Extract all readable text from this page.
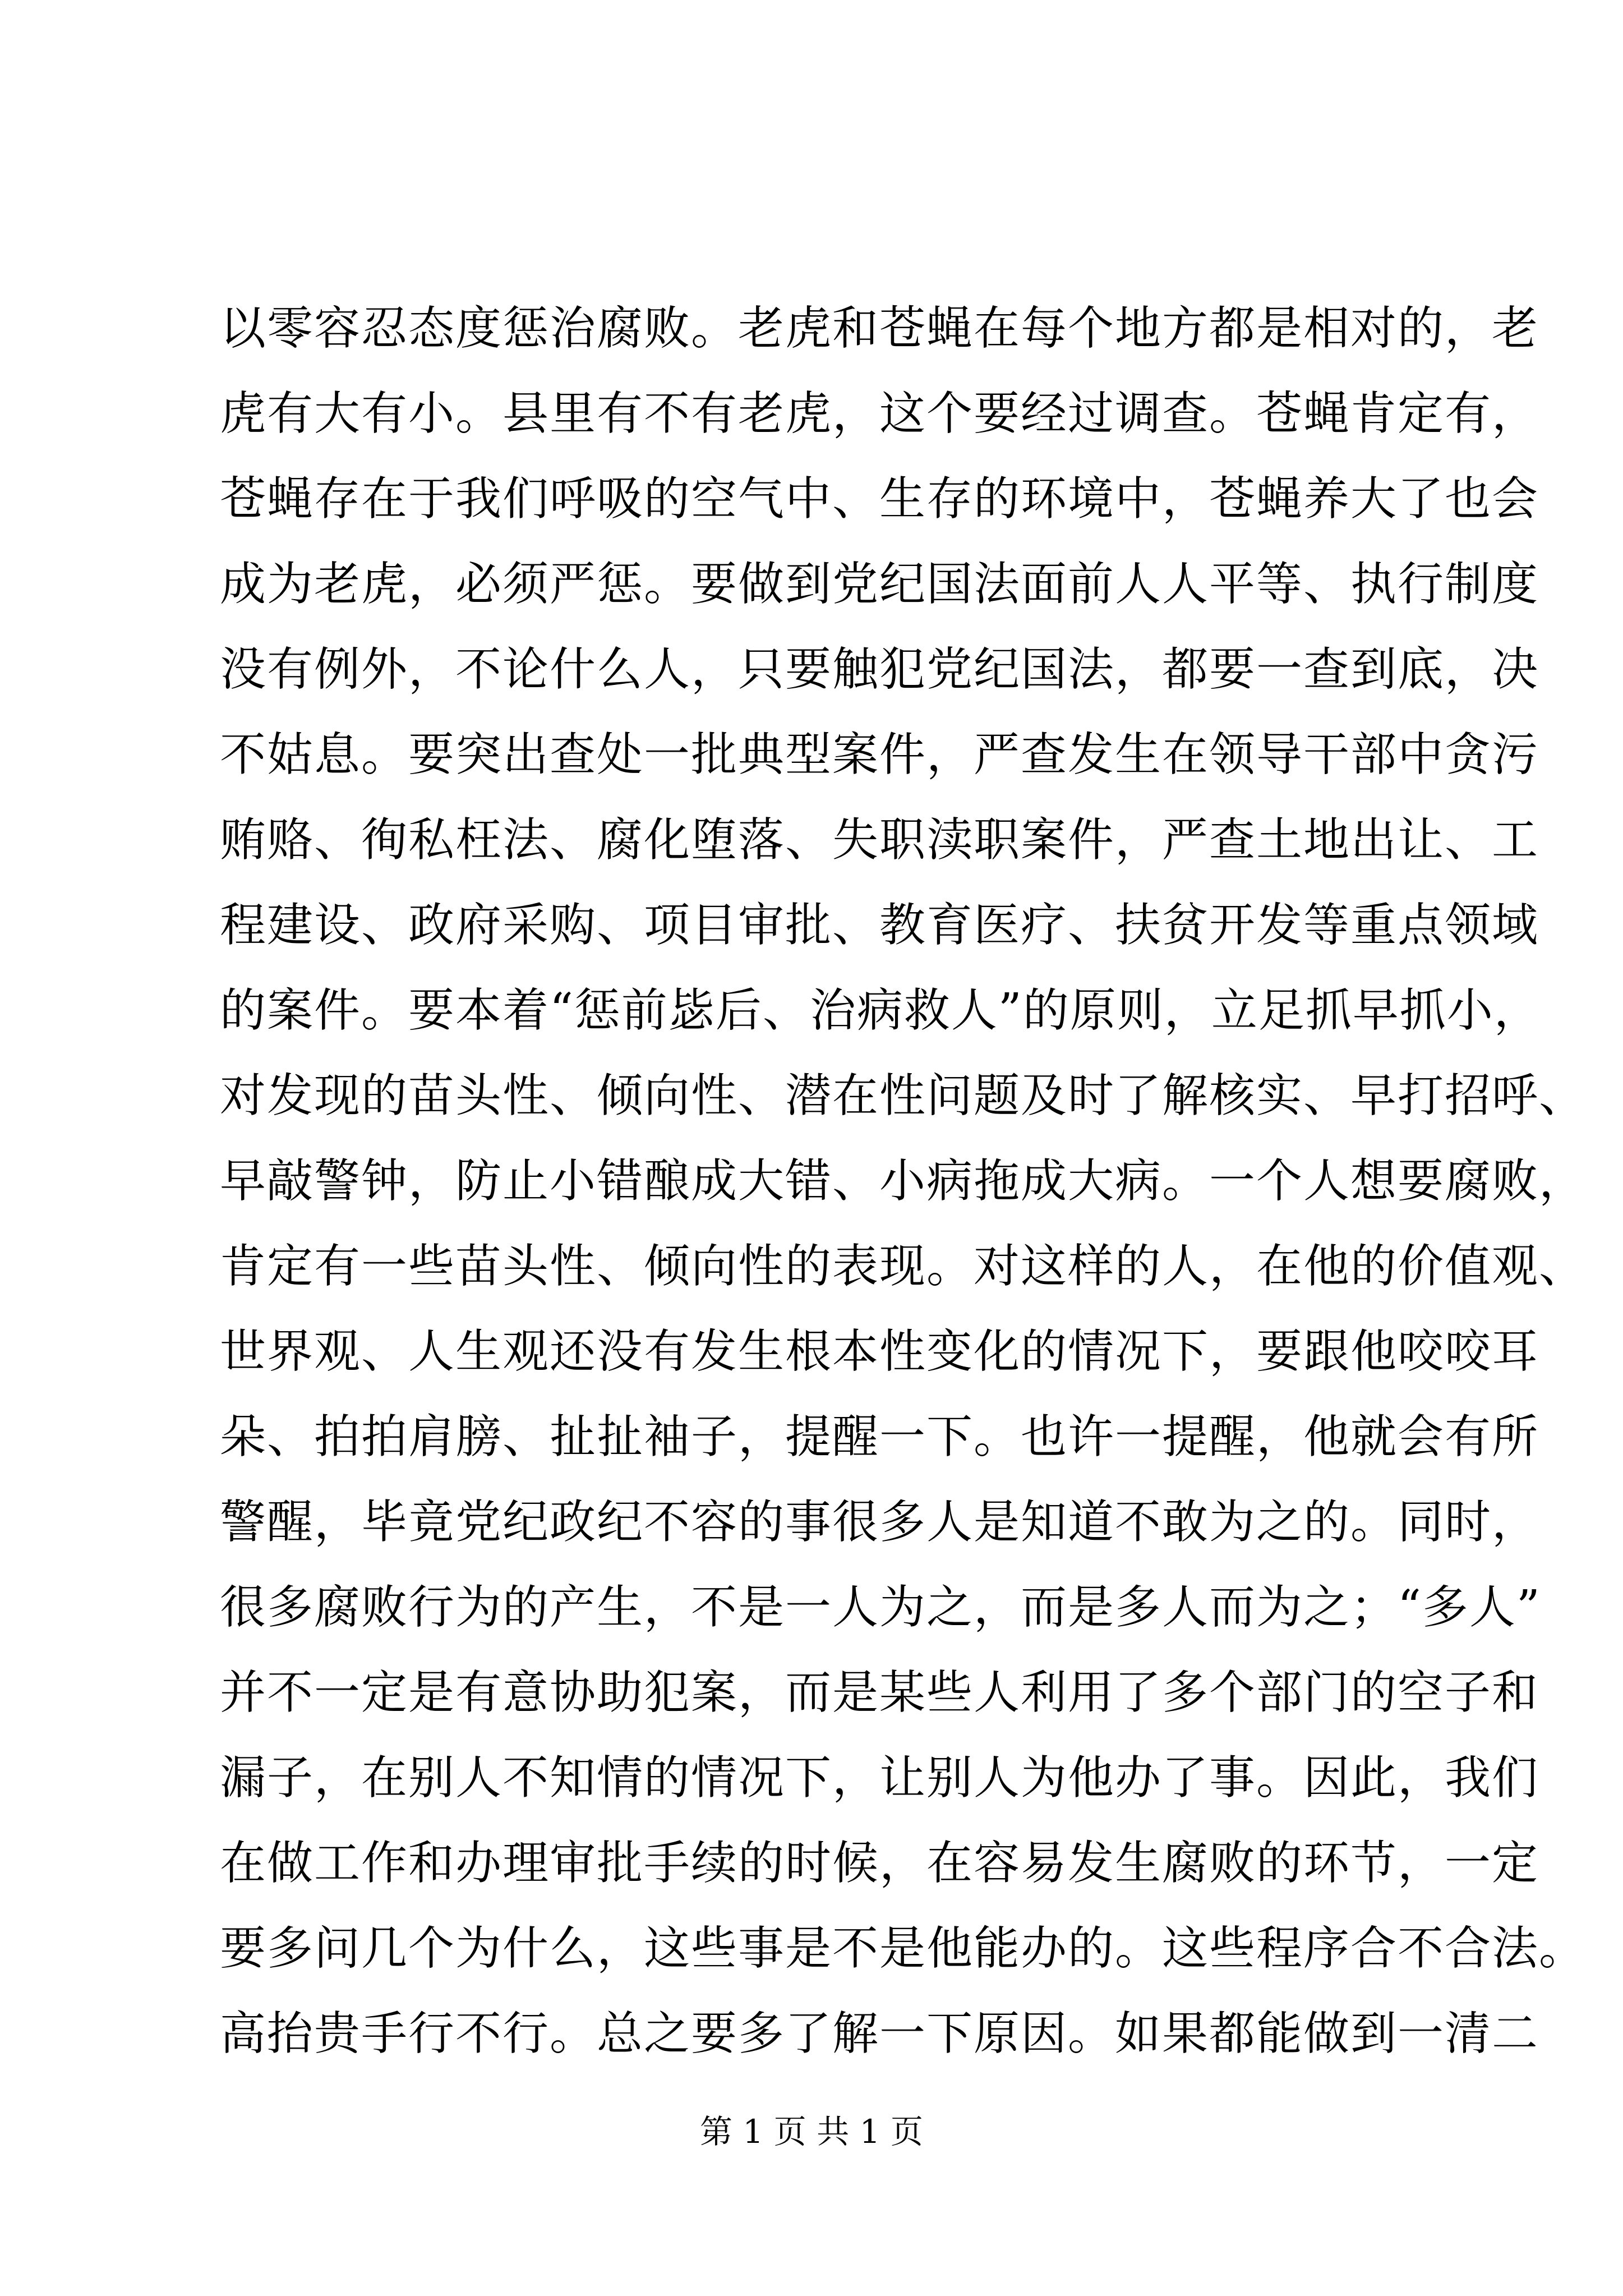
以零容忍态度惩治腐败。老虎和苍蝇在每个地方都是相对的，老
虎有大有小。县里有不有老虎，这个要经过调查。苍蝇肯定有，
苍蝇存在于我们呼吸的空气中、生存的环境中，苍蝇养大了也会
成为老虎，必须严惩。要做到党纪国法面前人人平等、执行制度
没有例外，不论什么人，只要触犯党纪国法，都要一查到底，决
不姑息。要突出查处一批典型案件，严查发生在领导干部中贪污
贿赂、徇私枉法、腐化堕落、失职渎职案件，严查土地出让、工
程建设、政府采购、项目审批、教育医疗、扶贫开发等重点领域
的案件。要本着“惩前毖后、治病救人”的原则，立足抓早抓小，
对发现的苗头性、倾向性、潜在性问题及时了解核实、早打招呼、
早敲警钟，防止小错酿成大错、小病拖成大病。一个人想要腐败，
肯定有一些苗头性、倾向性的表现。对这样的人，在他的价值观、
世界观、人生观还没有发生根本性变化的情况下，要跟他咬咬耳
朵、拍拍肩膀、扯扯袖子，提醒一下。也许一提醒，他就会有所
警醒，毕竟党纪政纪不容的事很多人是知道不敢为之的。同时，
很多腐败行为的产生，不是一人为之，而是多人而为之；“多人”
并不一定是有意协助犯案，而是某些人利用了多个部门的空子和
漏子，在别人不知情的情况下，让别人为他办了事。因此，我们
在做工作和办理审批手续的时候，在容易发生腐败的环节，一定
要多问几个为什么，这些事是不是他能办的。这些程序合不合法。
高抬贵手行不行。总之要多了解一下原因。如果都能做到一清二
第 1 页 共 1 页
